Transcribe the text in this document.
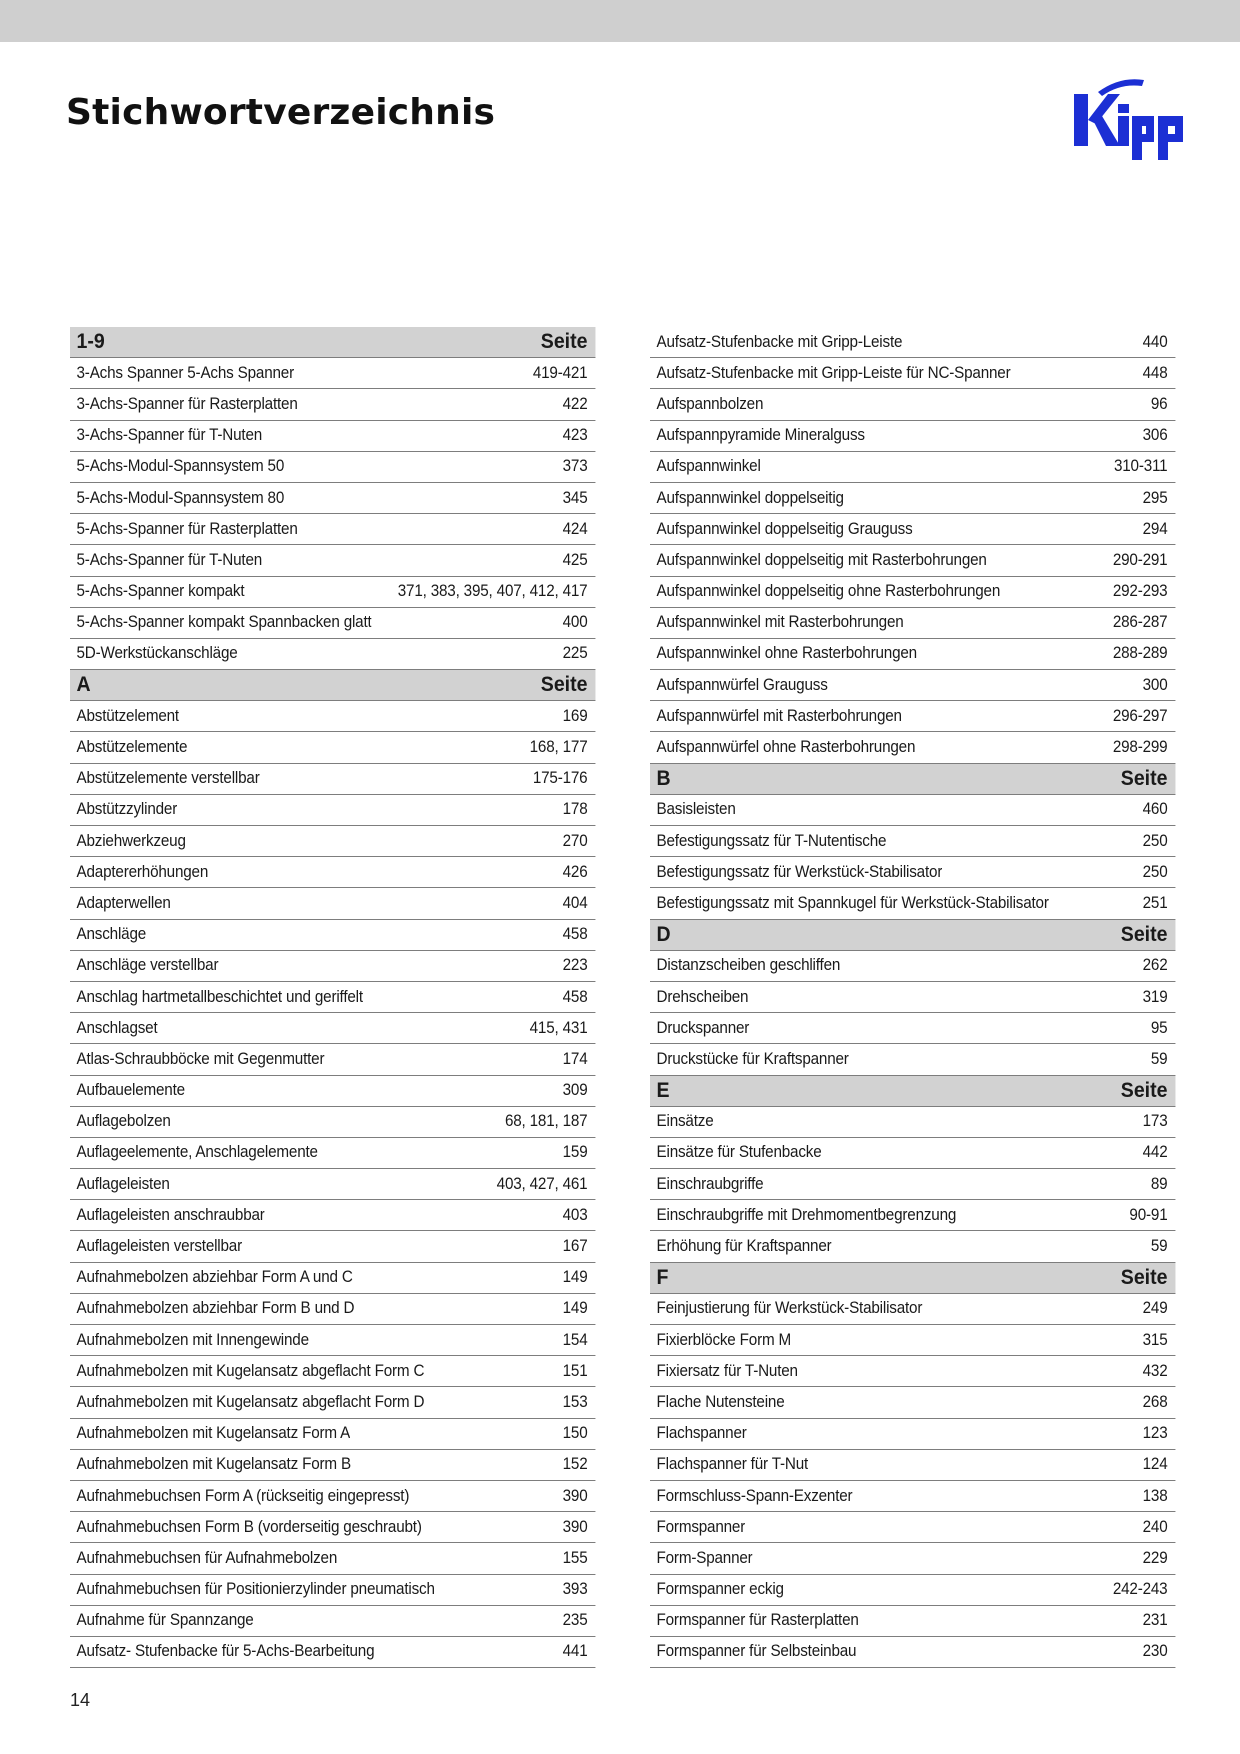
Stichwortverzeichnis
1-9	Seite
3-Achs Spanner 5-Achs Spanner	419-421
3-Achs-Spanner für Rasterplatten	422
3-Achs-Spanner für T-Nuten	423
5-Achs-Modul-Spannsystem 50	373
5-Achs-Modul-Spannsystem 80	345
5-Achs-Spanner für Rasterplatten	424
5-Achs-Spanner für T-Nuten	425
5-Achs-Spanner kompakt	371, 383, 395, 407, 412, 417
5-Achs-Spanner kompakt Spannbacken glatt	400
5D-Werkstückanschläge	225
A	Seite
Abstützelement	169
Abstützelemente	168, 177
Abstützelemente verstellbar	175-176
Abstützzylinder	178
Abziehwerkzeug	270
Adaptererhöhungen	426
Adapterwellen	404
Anschläge	458
Anschläge verstellbar	223
Anschlag hartmetallbeschichtet und geriffelt	458
Anschlagset	415, 431
Atlas-Schraubböcke mit Gegenmutter	174
Aufbauelemente	309
Auflagebolzen	68, 181, 187
Auflageelemente, Anschlagelemente	159
Auflageleisten	403, 427, 461
Auflageleisten anschraubbar	403
Auflageleisten verstellbar	167
Aufnahmebolzen abziehbar Form A und C	149
Aufnahmebolzen abziehbar Form B und D	149
Aufnahmebolzen mit Innengewinde	154
Aufnahmebolzen mit Kugelansatz abgeflacht Form C	151
Aufnahmebolzen mit Kugelansatz abgeflacht Form D	153
Aufnahmebolzen mit Kugelansatz Form A	150
Aufnahmebolzen mit Kugelansatz Form B	152
Aufnahmebuchsen Form A (rückseitig eingepresst)	390
Aufnahmebuchsen Form B (vorderseitig geschraubt)	390
Aufnahmebuchsen für Aufnahmebolzen	155
Aufnahmebuchsen für Positionierzylinder pneumatisch	393
Aufnahme für Spannzange	235
Aufsatz- Stufenbacke für 5-Achs-Bearbeitung	441
Aufsatz-Stufenbacke mit Gripp-Leiste	440
Aufsatz-Stufenbacke mit Gripp-Leiste für NC-Spanner	448
Aufspannbolzen	96
Aufspannpyramide Mineralguss	306
Aufspannwinkel	310-311
Aufspannwinkel doppelseitig	295
Aufspannwinkel doppelseitig Grauguss	294
Aufspannwinkel doppelseitig mit Rasterbohrungen	290-291
Aufspannwinkel doppelseitig ohne Rasterbohrungen	292-293
Aufspannwinkel mit Rasterbohrungen	286-287
Aufspannwinkel ohne Rasterbohrungen	288-289
Aufspannwürfel Grauguss	300
Aufspannwürfel mit Rasterbohrungen	296-297
Aufspannwürfel ohne Rasterbohrungen	298-299
B	Seite
Basisleisten	460
Befestigungssatz für T-Nutentische	250
Befestigungssatz für Werkstück-Stabilisator	250
Befestigungssatz mit Spannkugel für Werkstück-Stabilisator	251
D	Seite
Distanzscheiben geschliffen	262
Drehscheiben	319
Druckspanner	95
Druckstücke für Kraftspanner	59
E	Seite
Einsätze	173
Einsätze für Stufenbacke	442
Einschraubgriffe	89
Einschraubgriffe mit Drehmomentbegrenzung	90-91
Erhöhung für Kraftspanner	59
F	Seite
Feinjustierung für Werkstück-Stabilisator	249
Fixierblöcke Form M	315
Fixiersatz für T-Nuten	432
Flache Nutensteine	268
Flachspanner	123
Flachspanner für T-Nut	124
Formschluss-Spann-Exzenter	138
Formspanner	240
Form-Spanner	229
Formspanner eckig	242-243
Formspanner für Rasterplatten	231
Formspanner für Selbsteinbau	230
14
